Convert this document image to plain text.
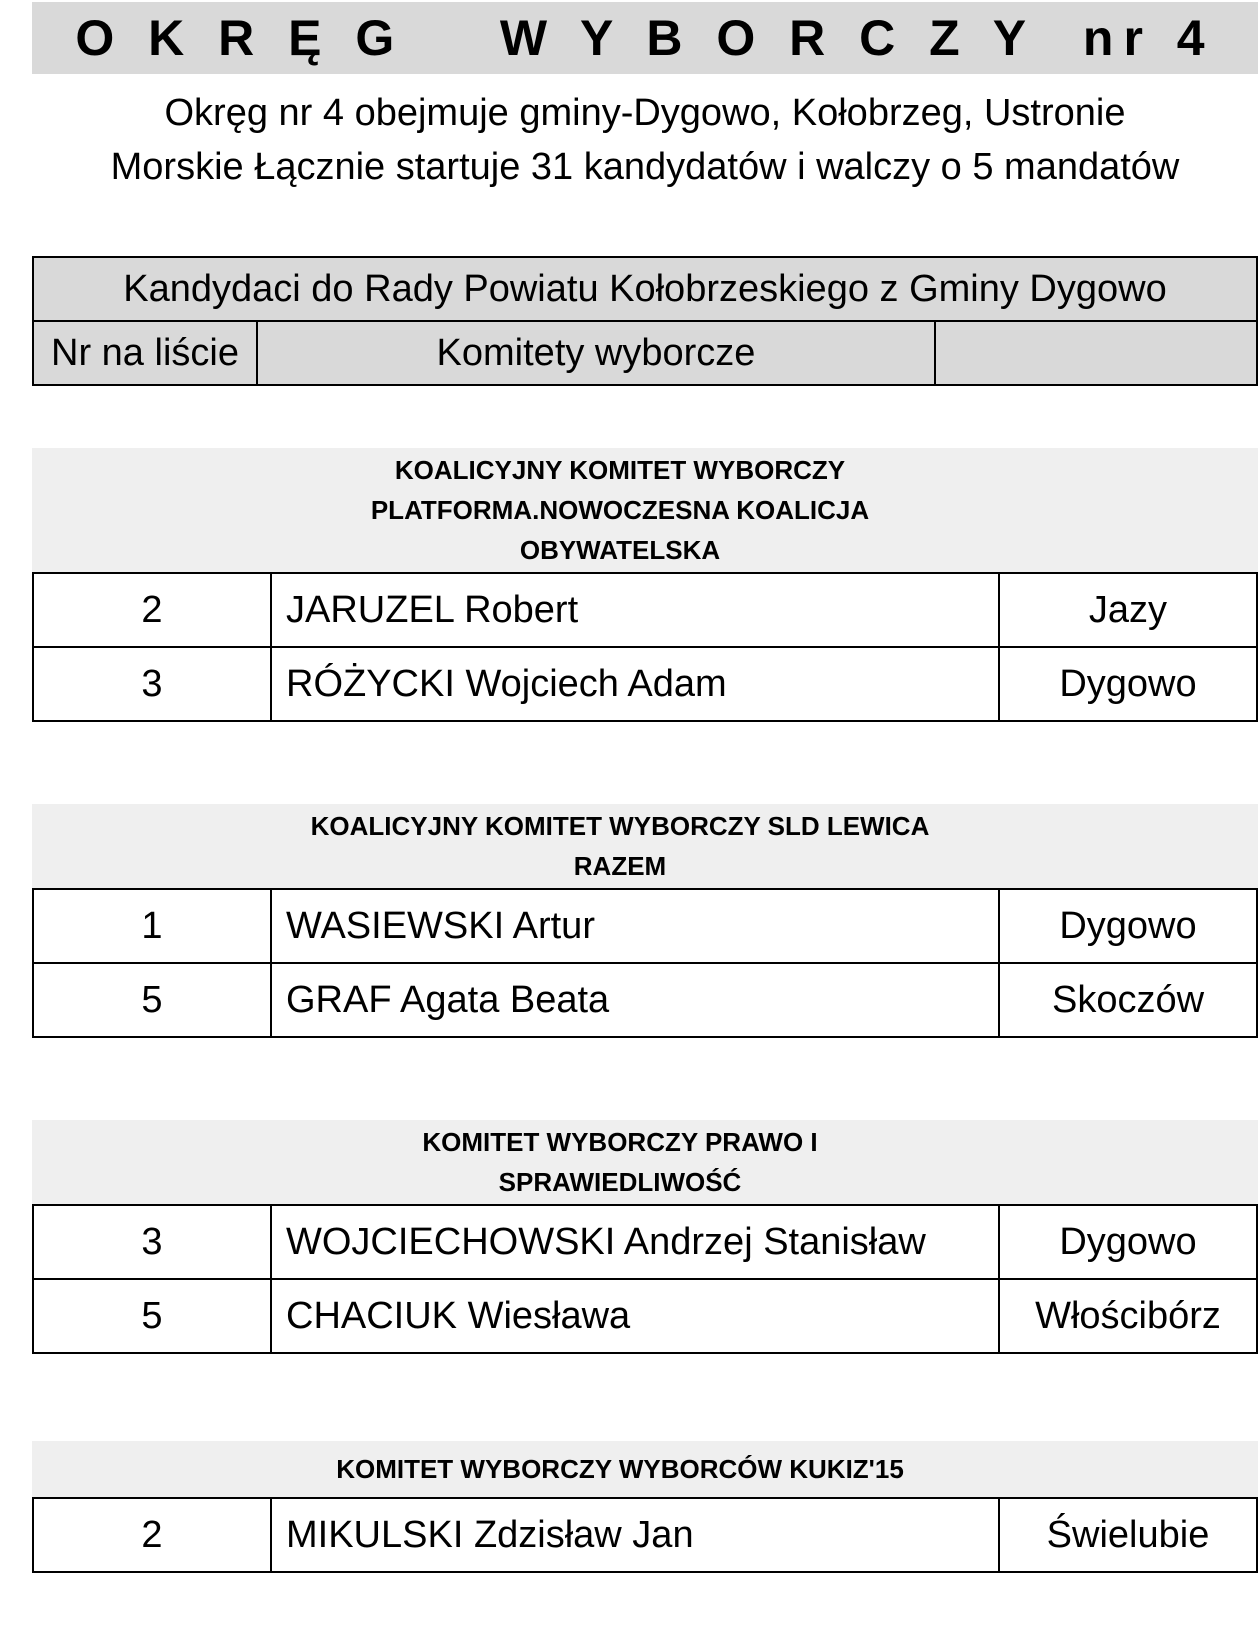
O K R Ę G    W Y B O R C Z Y  nr 4
Okręg nr 4 obejmuje gminy-Dygowo, Kołobrzeg, Ustronie
Morskie Łącznie startuje 31 kandydatów i walczy o 5 mandatów
Kandydaci do Rady Powiatu Kołobrzeskiego z Gminy Dygowo
Nr na liście	Komitety wyborcze	
KOALICYJNY KOMITET WYBORCZY
PLATFORMA.NOWOCZESNA KOALICJA
OBYWATELSKA
2	JARUZEL Robert	Jazy
3	RÓŻYCKI Wojciech Adam	Dygowo
KOALICYJNY KOMITET WYBORCZY SLD LEWICA
RAZEM
1	WASIEWSKI Artur	Dygowo
5	GRAF Agata Beata	Skoczów
KOMITET WYBORCZY PRAWO I
SPRAWIEDLIWOŚĆ
3	WOJCIECHOWSKI Andrzej Stanisław	Dygowo
5	CHACIUK Wiesława	Włościbórz
KOMITET WYBORCZY WYBORCÓW KUKIZ'15
2	MIKULSKI Zdzisław Jan	Świelubie
